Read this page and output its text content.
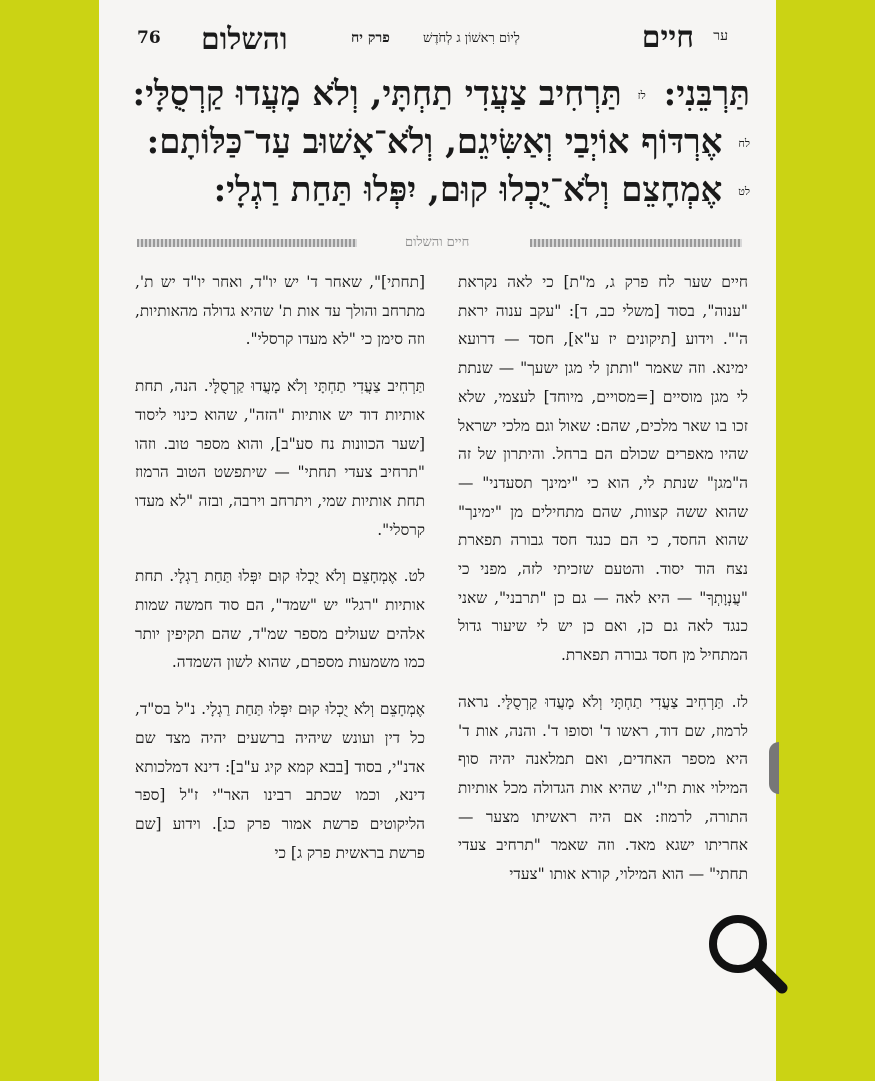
76	ער
חיים
לְיוֹם רִאשׁוֹן ג לְחֹדֶשׁ
פרק יח
והשלום
תַּרְבֵּנִי: לז תַּרְחִיב צַעֲדִי תַחְתָּי, וְלֹא מָעֲדוּ קַרְסֻלָּי:
לח אֶרְדּוֹף אוֹיְבַי וְאַשִּׂיגֵם, וְלֹא־אָשׁוּב עַד־כַּלּוֹתָם:
לט אֶמְחָצֵם וְלֹא־יֻכְלוּ קוּם, יִפְּלוּ תַּחַת רַגְלָי:
חיים והשלום

חיים שער לח פרק ג, מ"ת] כי לאה נקראת "ענוה", בסוד [משלי כב, ד]: "עקב ענוה יראת ה'". וידוע [תיקונים יז ע"א], חסד — דרועא ימינא. וזה שאמר "ותתן לי מגן ישעך" — שנתת לי מגן מוסיים [=מסויים, מיוחד] לעצמי, שלא זכו בו שאר מלכים, שהם: שאול וגם מלכי ישראל שהיו מאפרים שכולם הם ברחל. והיתרון של זה ה"מגן" שנתת לי, הוא כי "ימינך תסעדני" — שהוא ששה קצוות, שהם מתחילים מן "ימינך" שהוא החסד, כי הם כנגד חסד גבורה תפארת נצח הוד יסוד. והטעם שזכיתי לזה, מפני כי "עֲנְוָתְךָ" — היא לאה — גם כן "תרבני", שאני כנגד לאה גם כן, ואם כן יש לי שיעור גדול המתחיל מן חסד גבורה תפארת.

לז. תַּרְחִיב צַעֲדִי תַחְתָּי וְלֹא מָעֲדוּ קַרְסֻלָּי. נראה לרמוז, שם דוד, ראשו ד' וסופו ד'. והנה, אות ד' היא מספר האחדים, ואם תמלאנה יהיה סוף המילוי אות תי"ו, שהיא אות הגדולה מכל אותיות התורה, לרמוז: אם היה ראשיתו מצער — אחריתו ישגא מאד. וזה שאמר "תרחיב צעדי תחתי" — הוא המילוי, קורא אותו "צעדי

[תחתי]", שאחר ד' יש יו"ד, ואחר יו"ד יש ת', מתרחב והולך עד אות ת' שהיא גדולה מהאותיות, וזה סימן כי "לא מעדו קרסלי".

תַּרְחִיב צַעֲדִי תַחְתָּי וְלֹא מָעֲדוּ קַרְסֻלָּי. הנה, תחת אותיות דוד יש אותיות "הזה", שהוא כינוי ליסוד [שער הכוונות נח סע"ב], והוא מספר טוב. וזהו "תרחיב צעדי תחתי" — שיתפשט הטוב הרמוז תחת אותיות שמי, ויתרחב וירבה, ובזה "לא מעדו קרסלי".

לט. אֶמְחָצֵם וְלֹא יֻכְלוּ קוּם יִפְּלוּ תַּחַת רַגְלָי. תחת אותיות "רגל" יש "שמד", הם סוד חמשה שמות אלהים שעולים מספר שמ"ד, שהם תקיפין יותר כמו משמעות מספרם, שהוא לשון השמדה.

אֶמְחָצֵם וְלֹא יֻכְלוּ קוּם יִפְּלוּ תַּחַת רַגְלָי. נ"ל בס"ד, כל דין ועונש שיהיה ברשעים יהיה מצד שם אדנ"י, בסוד [בבא קמא קיג ע"ב]: דינא דמלכותא דינא, וכמו שכתב רבינו האר"י ז"ל [ספר הליקוטים פרשת אמור פרק כג]. וידוע [שם פרשת בראשית פרק ג] כי
